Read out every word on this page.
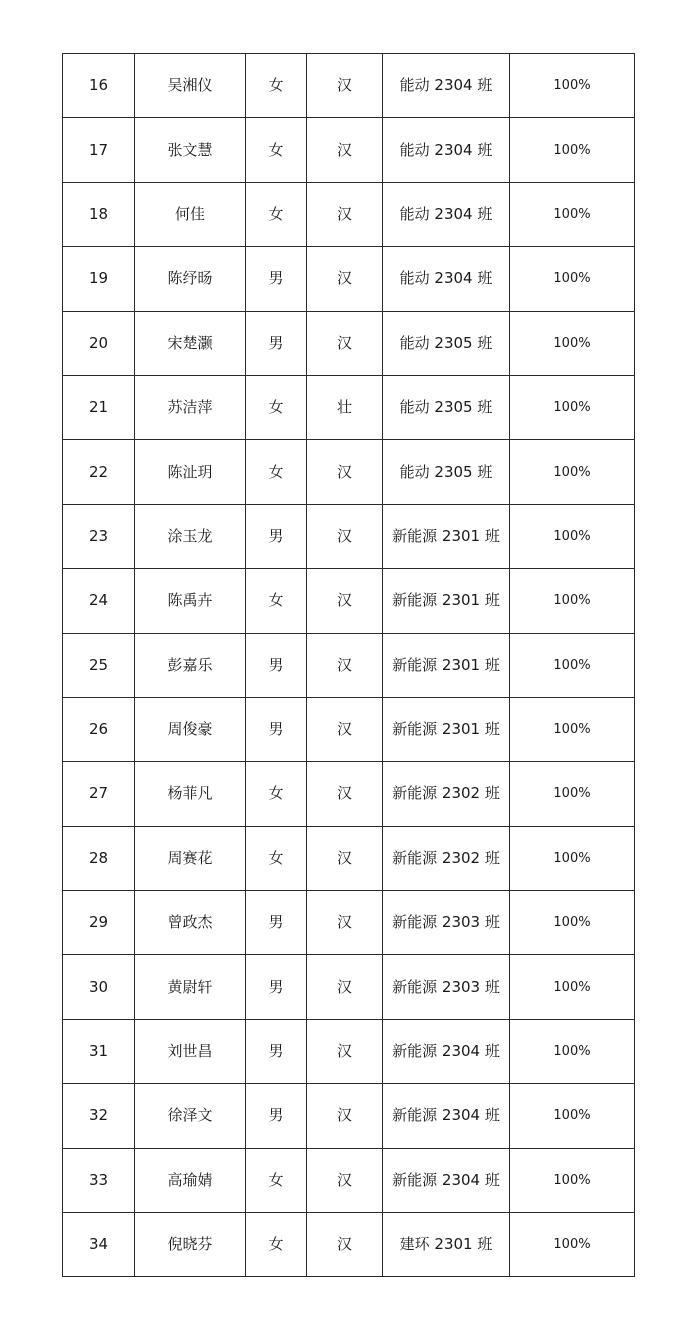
16	吴湘仪	女	汉	能动 2304 班	100%
17	张文慧	女	汉	能动 2304 班	100%
18	何佳	女	汉	能动 2304 班	100%
19	陈纾旸	男	汉	能动 2304 班	100%
20	宋楚灏	男	汉	能动 2305 班	100%
21	苏洁萍	女	壮	能动 2305 班	100%
22	陈沚玥	女	汉	能动 2305 班	100%
23	涂玉龙	男	汉	新能源 2301 班	100%
24	陈禹卉	女	汉	新能源 2301 班	100%
25	彭嘉乐	男	汉	新能源 2301 班	100%
26	周俊豪	男	汉	新能源 2301 班	100%
27	杨菲凡	女	汉	新能源 2302 班	100%
28	周赛花	女	汉	新能源 2302 班	100%
29	曾政杰	男	汉	新能源 2303 班	100%
30	黄尉轩	男	汉	新能源 2303 班	100%
31	刘世昌	男	汉	新能源 2304 班	100%
32	徐泽文	男	汉	新能源 2304 班	100%
33	高瑜婧	女	汉	新能源 2304 班	100%
34	倪晓芬	女	汉	建环 2301 班	100%
